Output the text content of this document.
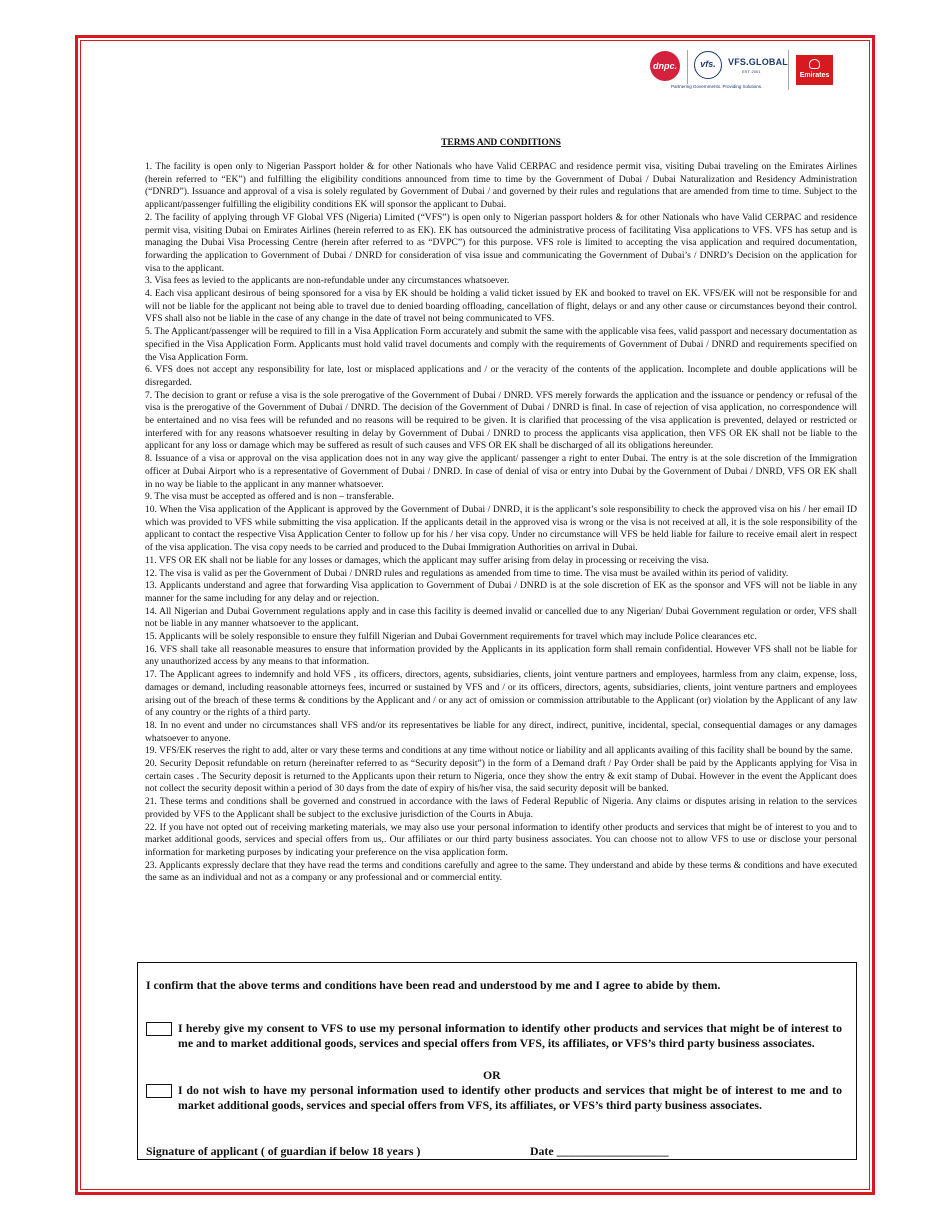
dnpc.	vfs.	VFS.GLOBAL
EST. 2001
Partnering Governments. Providing Solutions.
Emirates
TERMS AND CONDITIONS

1. The facility is open only to Nigerian Passport holder & for other Nationals who have Valid CERPAC and residence permit visa, visiting Dubai traveling on the Emirates Airlines (herein referred to “EK”) and fulfilling the eligibility conditions announced from time to time by the Government of Dubai / Dubai Naturalization and Residency Administration (“DNRD”). Issuance and approval of a visa is solely regulated by Government of Dubai / and governed by their rules and regulations that are amended from time to time. Subject to the applicant/passenger fulfilling the eligibility conditions EK will sponsor the applicant to Dubai.

2. The facility of applying through VF Global VFS (Nigeria) Limited (“VFS”) is open only to Nigerian passport holders & for other Nationals who have Valid CERPAC and residence permit visa, visiting Dubai on Emirates Airlines (herein referred to as EK). EK has outsourced the administrative process of facilitating Visa applications to VFS. VFS has setup and is managing the Dubai Visa Processing Centre (herein after referred to as “DVPC”) for this purpose. VFS role is limited to accepting the visa application and required documentation, forwarding the application to Government of Dubai / DNRD for consideration of visa issue and communicating the Government of Dubai’s / DNRD’s Decision on the application for visa to the applicant.

3. Visa fees as levied to the applicants are non-refundable under any circumstances whatsoever.

4. Each visa applicant desirous of being sponsored for a visa by EK should be holding a valid ticket issued by EK and booked to travel on EK. VFS/EK will not be responsible for and will not be liable for the applicant not being able to travel due to denied boarding offloading, cancellation of flight, delays or and any other cause or circumstances beyond their control. VFS shall also not be liable in the case of any change in the date of travel not being communicated to VFS.

5. The Applicant/passenger will be required to fill in a Visa Application Form accurately and submit the same with the applicable visa fees, valid passport and necessary documentation as specified in the Visa Application Form. Applicants must hold valid travel documents and comply with the requirements of Government of Dubai / DNRD and requirements specified on the Visa Application Form.

6. VFS does not accept any responsibility for late, lost or misplaced applications and / or the veracity of the contents of the application. Incomplete and double applications will be disregarded.

7. The decision to grant or refuse a visa is the sole prerogative of the Government of Dubai / DNRD. VFS merely forwards the application and the issuance or pendency or refusal of the visa is the prerogative of the Government of Dubai / DNRD. The decision of the Government of Dubai / DNRD is final. In case of rejection of visa application, no correspondence will be entertained and no visa fees will be refunded and no reasons will be required to be given. It is clarified that processing of the visa application is prevented, delayed or restricted or interfered with for any reasons whatsoever resulting in delay by Government of Dubai / DNRD to process the applicants visa application, then VFS OR EK shall not be liable to the applicant for any loss or damage which may be suffered as result of such causes and VFS OR EK shall be discharged of all its obligations hereunder.

8. Issuance of a visa or approval on the visa application does not in any way give the applicant/ passenger a right to enter Dubai. The entry is at the sole discretion of the Immigration officer at Dubai Airport who is a representative of Government of Dubai / DNRD. In case of denial of visa or entry into Dubai by the Government of Dubai / DNRD, VFS OR EK shall in no way be liable to the applicant in any manner whatsoever.

9. The visa must be accepted as offered and is non – transferable.

10. When the Visa application of the Applicant is approved by the Government of Dubai / DNRD, it is the applicant’s sole responsibility to check the approved visa on his / her email ID which was provided to VFS while submitting the visa application. If the applicants detail in the approved visa is wrong or the visa is not received at all, it is the sole responsibility of the applicant to contact the respective Visa Application Center to follow up for his / her visa copy. Under no circumstance will VFS be held liable for failure to receive email alert in respect of the visa application. The visa copy needs to be carried and produced to the Dubai Immigration Authorities on arrival in Dubai.

11. VFS OR EK shall not be liable for any losses or damages, which the applicant may suffer arising from delay in processing or receiving the visa.

12. The visa is valid as per the Government of Dubai / DNRD rules and regulations as amended from time to time. The visa must be availed within its period of validity.

13. Applicants understand and agree that forwarding Visa application to Government of Dubai / DNRD is at the sole discretion of EK as the sponsor and VFS will not be liable in any manner for the same including for any delay and or rejection.

14. All Nigerian and Dubai Government regulations apply and in case this facility is deemed invalid or cancelled due to any Nigerian/ Dubai Government regulation or order, VFS shall not be liable in any manner whatsoever to the applicant.

15. Applicants will be solely responsible to ensure they fulfill Nigerian and Dubai Government requirements for travel which may include Police clearances etc.

16. VFS shall take all reasonable measures to ensure that information provided by the Applicants in its application form shall remain confidential. However VFS shall not be liable for any unauthorized access by any means to that information.

17. The Applicant agrees to indemnify and hold VFS , its officers, directors, agents, subsidiaries, clients, joint venture partners and employees, harmless from any claim, expense, loss, damages or demand, including reasonable attorneys fees, incurred or sustained by VFS and / or its officers, directors, agents, subsidiaries, clients, joint venture partners and employees arising out of the breach of these terms & conditions by the Applicant and / or any act of omission or commission attributable to the Applicant (or) violation by the Applicant of any law of any country or the rights of a third party.

18. In no event and under no circumstances shall VFS and/or its representatives be liable for any direct, indirect, punitive, incidental, special, consequential damages or any damages whatsoever to anyone.

19. VFS/EK reserves the right to add, alter or vary these terms and conditions at any time without notice or liability and all applicants availing of this facility shall be bound by the same.

20. Security Deposit refundable on return (hereinafter referred to as “Security deposit”) in the form of a Demand draft / Pay Order shall be paid by the Applicants applying for Visa in certain cases . The Security deposit is returned to the Applicants upon their return to Nigeria, once they show the entry & exit stamp of Dubai. However in the event the Applicant does not collect the security deposit within a period of 30 days from the date of expiry of his/her visa, the said security deposit will be banked.

21. These terms and conditions shall be governed and construed in accordance with the laws of Federal Republic of Nigeria. Any claims or disputes arising in relation to the services provided by VFS to the Applicant shall be subject to the exclusive jurisdiction of the Courts in Abuja.

22. If you have not opted out of receiving marketing materials, we may also use your personal information to identify other products and services that might be of interest to you and to market additional goods, services and special offers from us,. Our affiliates or our third party business associates. You can choose not to allow VFS to use or disclose your personal information for marketing purposes by indicating your preference on the visa application form.

23. Applicants expressly declare that they have read the terms and conditions carefully and agree to the same. They understand and abide by these terms & conditions and have executed the same as an individual and not as a company or any professional and or commercial entity.

I confirm that the above terms and conditions have been read and understood by me and I agree to abide by them.
I hereby give my consent to VFS to use my personal information to identify other products and services that might be of interest to me and to market additional goods, services and special offers from VFS, its affiliates, or VFS’s third party business associates.
OR
I do not wish to have my personal information used to identify other products and services that might be of interest to me and to market additional goods, services and special offers from VFS, its affiliates, or VFS’s third party business associates.
Signature of applicant ( of guardian if below 18 years )	Date ___________________
